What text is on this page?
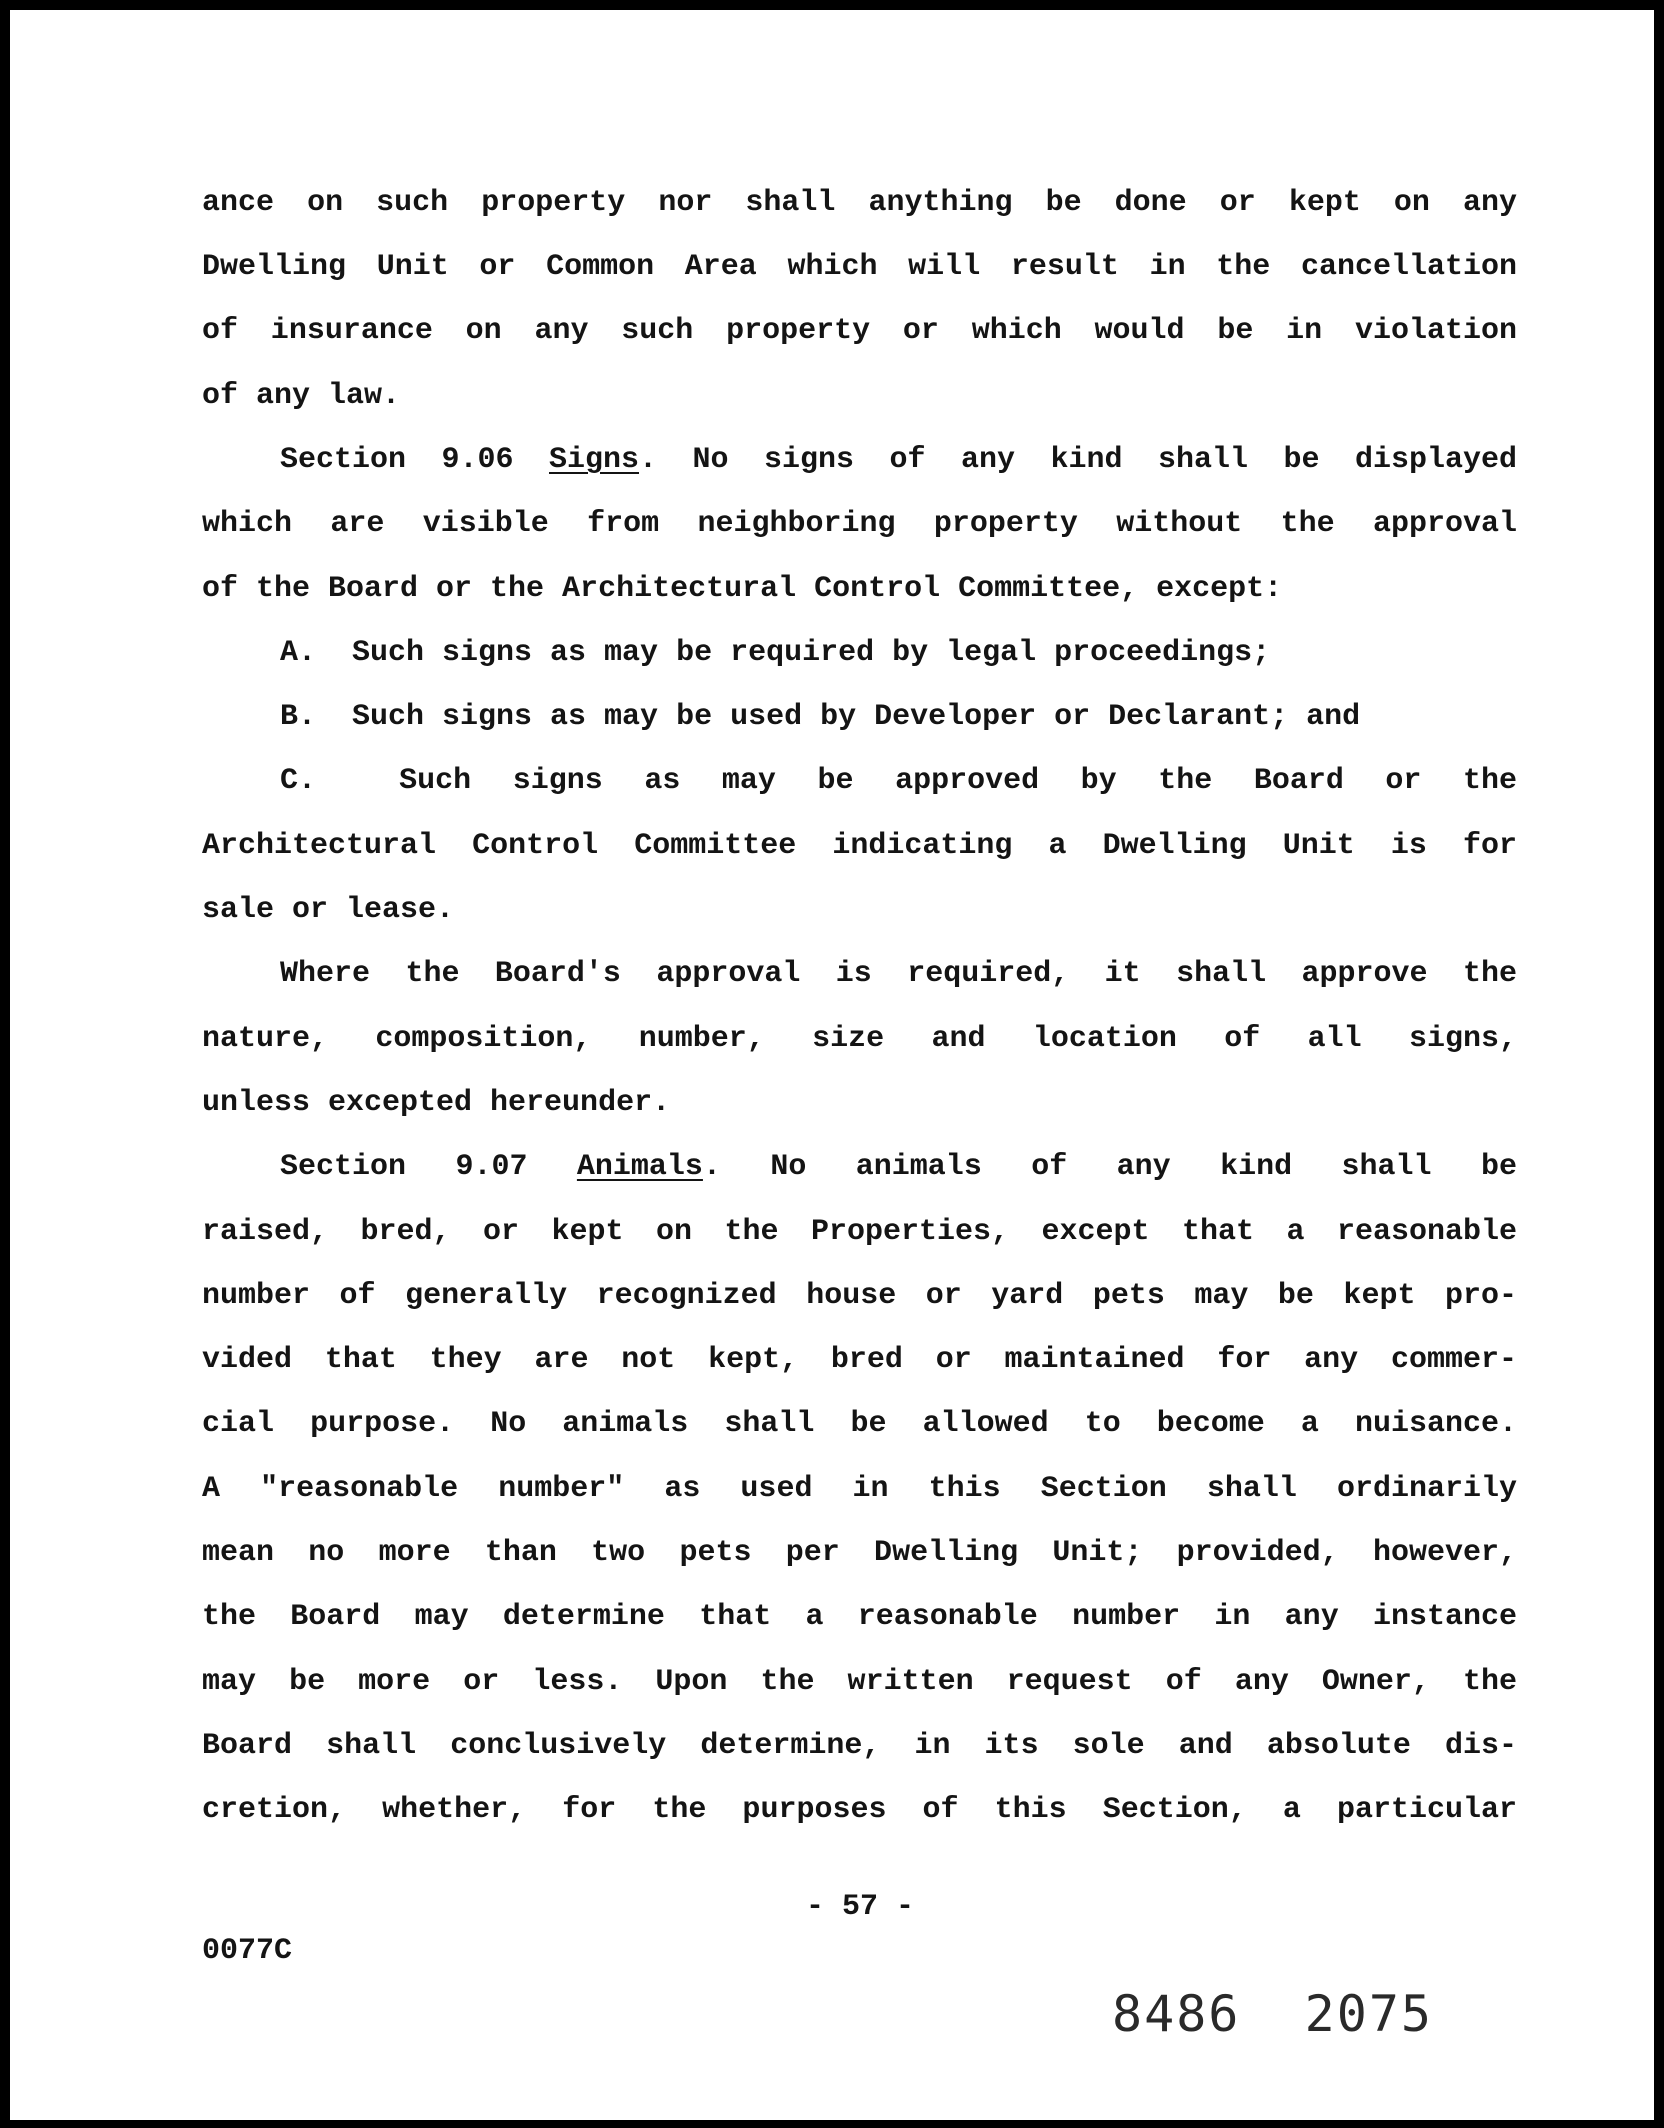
ance on such property nor shall anything be done or kept on any
Dwelling Unit or Common Area which will result in the cancellation
of insurance on any such property or which would be in violation
of any law.
Section 9.06 Signs. No signs of any kind shall be displayed
which are visible from neighboring property without the approval
of the Board or the Architectural Control Committee, except:
A.  Such signs as may be required by legal proceedings;
B.  Such signs as may be used by Developer or Declarant; and
C.  Such signs as may be approved by the Board or the
Architectural Control Committee indicating a Dwelling Unit is for
sale or lease.
Where the Board's approval is required, it shall approve the
nature, composition, number, size and location of all signs,
unless excepted hereunder.
Section 9.07 Animals. No animals of any kind shall be
raised, bred, or kept on the Properties, except that a reasonable
number of generally recognized house or yard pets may be kept pro-
vided that they are not kept, bred or maintained for any commer-
cial purpose. No animals shall be allowed to become a nuisance.
A "reasonable number" as used in this Section shall ordinarily
mean no more than two pets per Dwelling Unit; provided, however,
the Board may determine that a reasonable number in any instance
may be more or less. Upon the written request of any Owner, the
Board shall conclusively determine, in its sole and absolute dis-
cretion, whether, for the purposes of this Section, a particular
- 57 -
0077C
8486  2075
